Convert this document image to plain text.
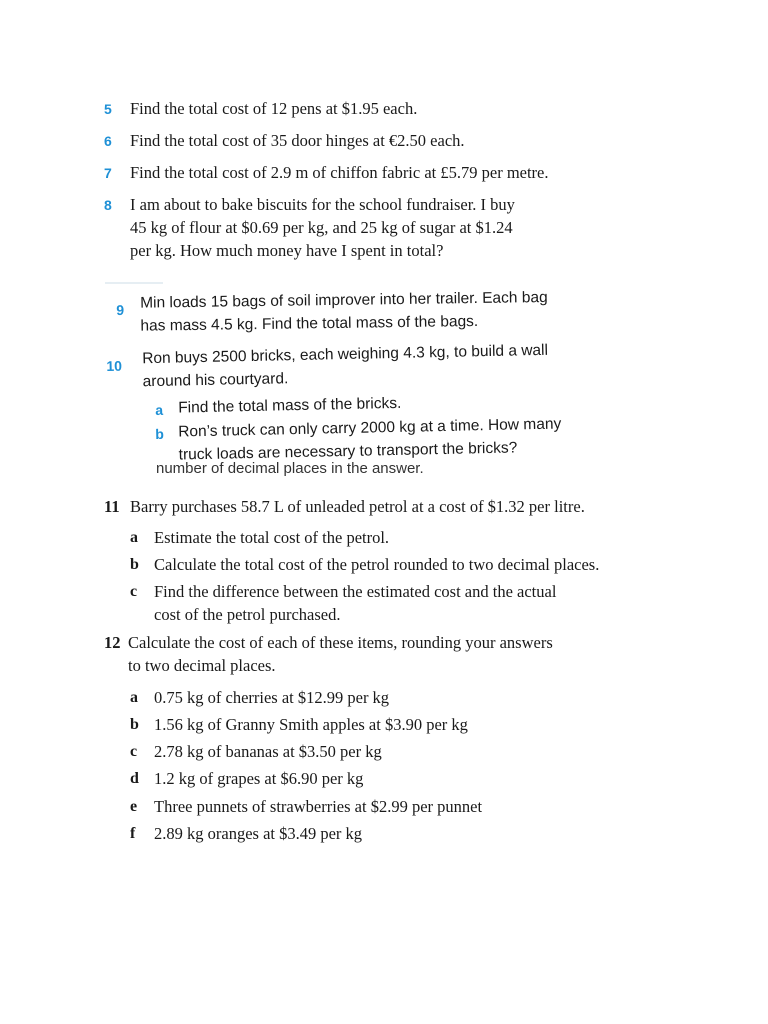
5 Find the total cost of 12 pens at $1.95 each.
6 Find the total cost of 35 door hinges at €2.50 each.
7 Find the total cost of 2.9 m of chiffon fabric at £5.79 per metre.
8 I am about to bake biscuits for the school fundraiser. I buy
45 kg of flour at $0.69 per kg, and 25 kg of sugar at $1.24
per kg. How much money have I spent in total?
9 Min loads 15 bags of soil improver into her trailer. Each bag
has mass 4.5 kg. Find the total mass of the bags.
10 Ron buys 2500 bricks, each weighing 4.3 kg, to build a wall
around his courtyard.
a Find the total mass of the bricks.
b Ron’s truck can only carry 2000 kg at a time. How many
truck loads are necessary to transport the bricks?
number of decimal places in the answer.
11 Barry purchases 58.7 L of unleaded petrol at a cost of $1.32 per litre.
a Estimate the total cost of the petrol.
b Calculate the total cost of the petrol rounded to two decimal places.
c Find the difference between the estimated cost and the actual
cost of the petrol purchased.
12 Calculate the cost of each of these items, rounding your answers
to two decimal places.
a 0.75 kg of cherries at $12.99 per kg
b 1.56 kg of Granny Smith apples at $3.90 per kg
c 2.78 kg of bananas at $3.50 per kg
d 1.2 kg of grapes at $6.90 per kg
e Three punnets of strawberries at $2.99 per punnet
f 2.89 kg oranges at $3.49 per kg
